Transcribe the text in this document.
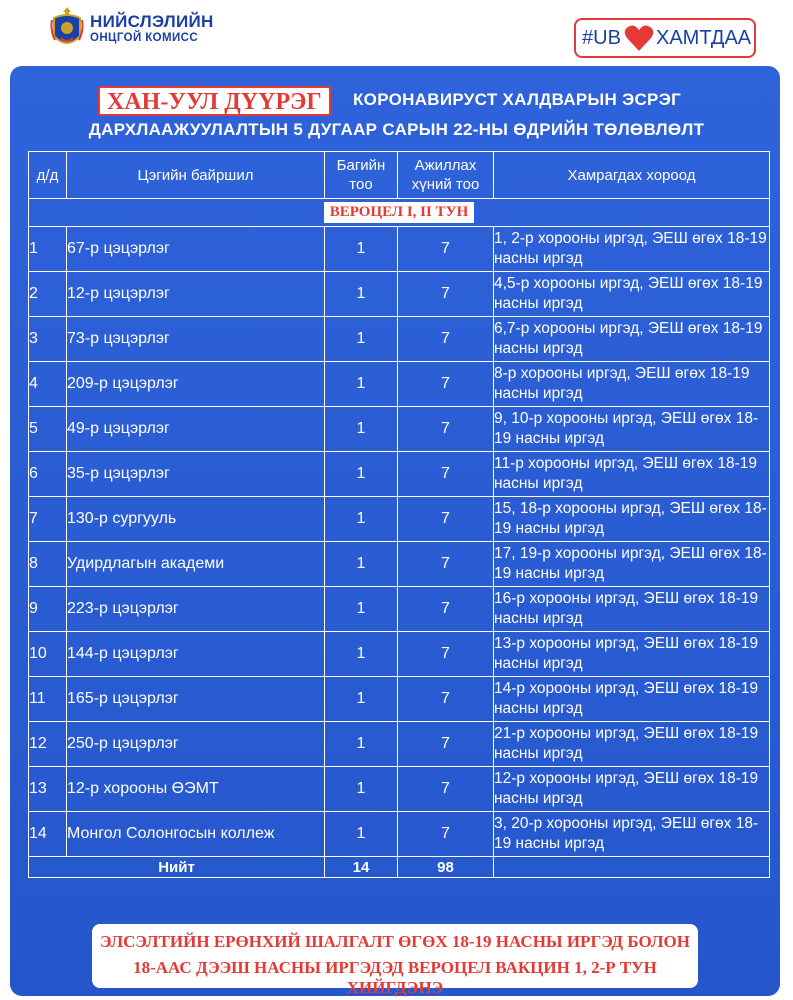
НИЙСЛЭЛИЙН
ОНЦГОЙ КОМИСС	#UB ХАМТДАА
ХАН-УУЛ ДҮҮРЭГ	КОРОНАВИРУСТ ХАЛДВАРЫН ЭСРЭГ
ДАРХЛААЖУУЛАЛТЫН 5 ДУГААР САРЫН 22-НЫ ӨДРИЙН ТӨЛӨВЛӨЛТ
д/д	Цэгийн байршил	Багийн тоо	Ажиллах хүний тоо	Хамрагдах хороод
ВЕРОЦЕЛ I, II ТУН				
1	67-р цэцэрлэг	1	7	1, 2-р хорооны иргэд, ЭЕШ өгөх 18-19 насны иргэд
2	12-р цэцэрлэг	1	7	4,5-р хорооны иргэд, ЭЕШ өгөх 18-19 насны иргэд
3	73-р цэцэрлэг	1	7	6,7-р хорооны иргэд, ЭЕШ өгөх 18-19 насны иргэд
4	209-р цэцэрлэг	1	7	8-р хорооны иргэд, ЭЕШ өгөх 18-19 насны иргэд
5	49-р цэцэрлэг	1	7	9, 10-р хорооны иргэд, ЭЕШ өгөх 18-19 насны иргэд
6	35-р цэцэрлэг	1	7	11-р хорооны иргэд, ЭЕШ өгөх 18-19 насны иргэд
7	130-р сургууль	1	7	15, 18-р хорооны иргэд, ЭЕШ өгөх 18-19 насны иргэд
8	Удирдлагын академи	1	7	17, 19-р хорооны иргэд, ЭЕШ өгөх 18-19 насны иргэд
9	223-р цэцэрлэг	1	7	16-р хорооны иргэд, ЭЕШ өгөх 18-19 насны иргэд
10	144-р цэцэрлэг	1	7	13-р хорооны иргэд, ЭЕШ өгөх 18-19 насны иргэд
11	165-р цэцэрлэг	1	7	14-р хорооны иргэд, ЭЕШ өгөх 18-19 насны иргэд
12	250-р цэцэрлэг	1	7	21-р хорооны иргэд, ЭЕШ өгөх 18-19 насны иргэд
13	12-р хорооны ӨЭМТ	1	7	12-р хорооны иргэд, ЭЕШ өгөх 18-19 насны иргэд
14	Монгол Солонгосын коллеж	1	7	3, 20-р хорооны иргэд, ЭЕШ өгөх 18-19 насны иргэд
Нийт		14	98	
ЭЛСЭЛТИЙН ЕРӨНХИЙ ШАЛГАЛТ ӨГӨХ 18-19 НАСНЫ ИРГЭД БОЛОН
18-ААС ДЭЭШ НАСНЫ ИРГЭДЭД ВЕРОЦЕЛ ВАКЦИН 1, 2-Р ТУН ХИЙГДЭНЭ
